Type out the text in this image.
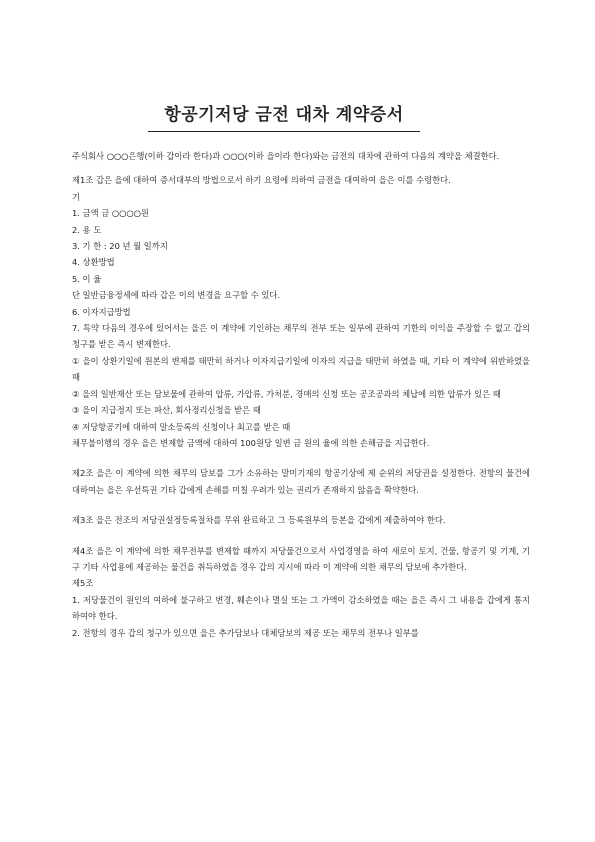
항공기저당 금전 대차 계약증서

주식회사 ○○○은행(이하 갑이라 한다)과 ○○○(이하 을이라 한다)와는 금전의 대차에 관하여 다음의 계약을 체결한다.

제1조 갑은 을에 대하여 증서대부의 방법으로서 하기 요령에 의하여 금전을 대여하여 을은 이를 수령한다.

기

1. 금액 금 ○○○○원

2. 용 도

3. 기 한 : 20 년 월 일까지

4. 상환방법

5. 이 율

단 일반금융정세에 따라 갑은 이의 변경을 요구할 수 있다.

6. 이자지급방법

7. 특약 다음의 경우에 있어서는 을은 이 계약에 기인하는 채무의 전부 또는 일부에 관하여 기한의 이익을 주장할 수 없고 갑의 청구를 받은 즉시 변제한다.

① 을이 상환기일에 원본의 변제를 태만히 하거나 이자지급기일에 이자의 지급을 태만히 하였을 때, 기타 이 계약에 위반하였을 때

② 을의 일반재산 또는 담보물에 관하여 압류, 가압류, 가처분, 경매의 신청 또는 공조공과의 체납에 의한 압류가 있은 때

③ 을이 지급정지 또는 파산, 회사정리신청을 받은 때

④ 저당항공기에 대하여 말소등록의 신청이나 최고를 받은 때

채무불이행의 경우 을은 변제할 금액에 대하여 100원당 일변 금 원의 율에 의한 손해금을 지급한다.

제2조 을은 이 계약에 의한 채무의 담보를 그가 소유하는 말미기재의 항공기상에 제 순위의 저당권을 설정한다. 전항의 물건에 대하여는 을은 우선특권 기타 갑에게 손해를 미칠 우려가 있는 권리가 존재하지 않음을 확약한다.

제3조 을은 전조의 저당권설정등록절차를 무위 완료하고 그 등록원부의 등본을 갑에게 제출하여야 한다.

제4조 을은 이 계약에 의한 채무전부를 변제할 때까지 저당물건으로서 사업경영을 하여 새로이 토지, 건물, 항공기 및 기계, 기구 기타 사업용에 제공하는 물건을 취득하였을 경우 갑의 지시에 따라 이 계약에 의한 채무의 담보에 추가한다.

제5조

1. 저당물건이 원인의 여하에 불구하고 변경, 훼손이나 멸실 또는 그 가액이 감소하였을 때는 을은 즉시 그 내용을 갑에게 통지하여야 한다.

2. 전항의 경우 갑의 청구가 있으면 을은 추가담보나 대체담보의 제공 또는 채무의 전부나 일부를
